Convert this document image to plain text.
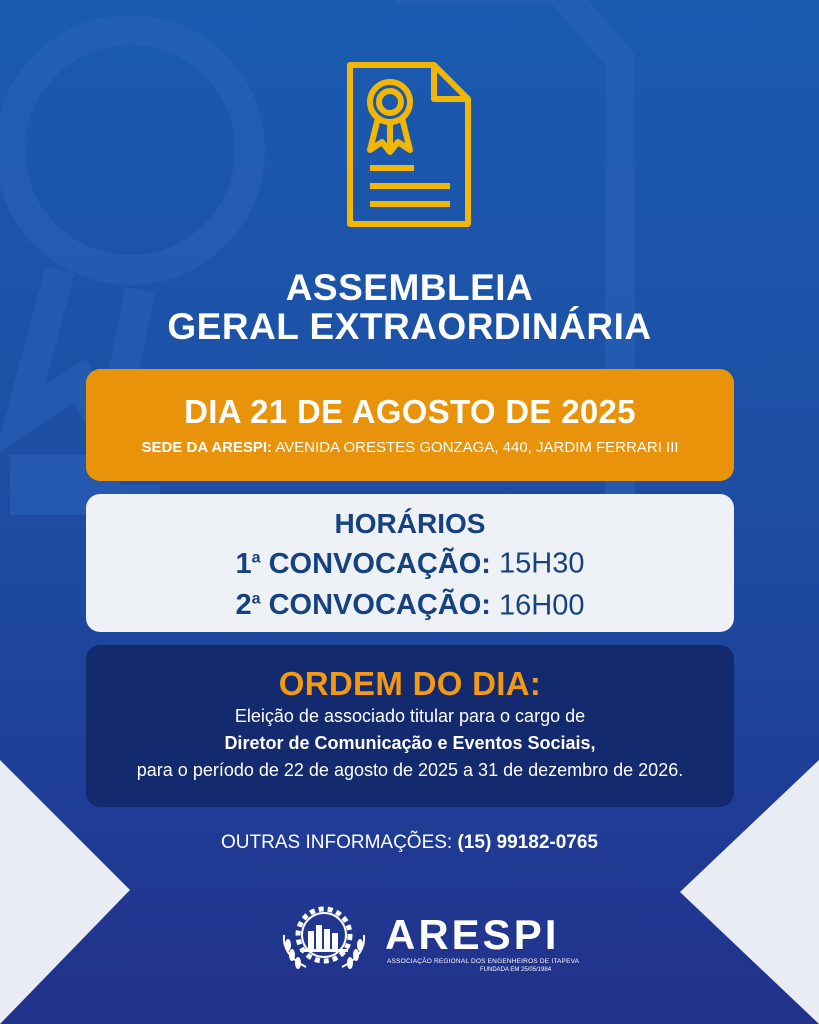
ASSEMBLEIA
GERAL EXTRAORDINÁRIA
DIA 21 DE AGOSTO DE 2025
SEDE DA ARESPI: AVENIDA ORESTES GONZAGA, 440, JARDIM FERRARI III
HORÁRIOS
1$^a$ CONVOCAÇÃO: 15H30
2$^a$ CONVOCAÇÃO: 16H00
ORDEM DO DIA:
Eleição de associado titular para o cargo de
Diretor de Comunicação e Eventos Sociais,
para o período de 22 de agosto de 2025 a 31 de dezembro de 2026.
OUTRAS INFORMAÇÕES: (15) 99182-0765
ARESPI
ASSOCIAÇÃO REGIONAL DOS ENGENHEIROS DE ITAPEVA
FUNDADA EM 25/05/1984
